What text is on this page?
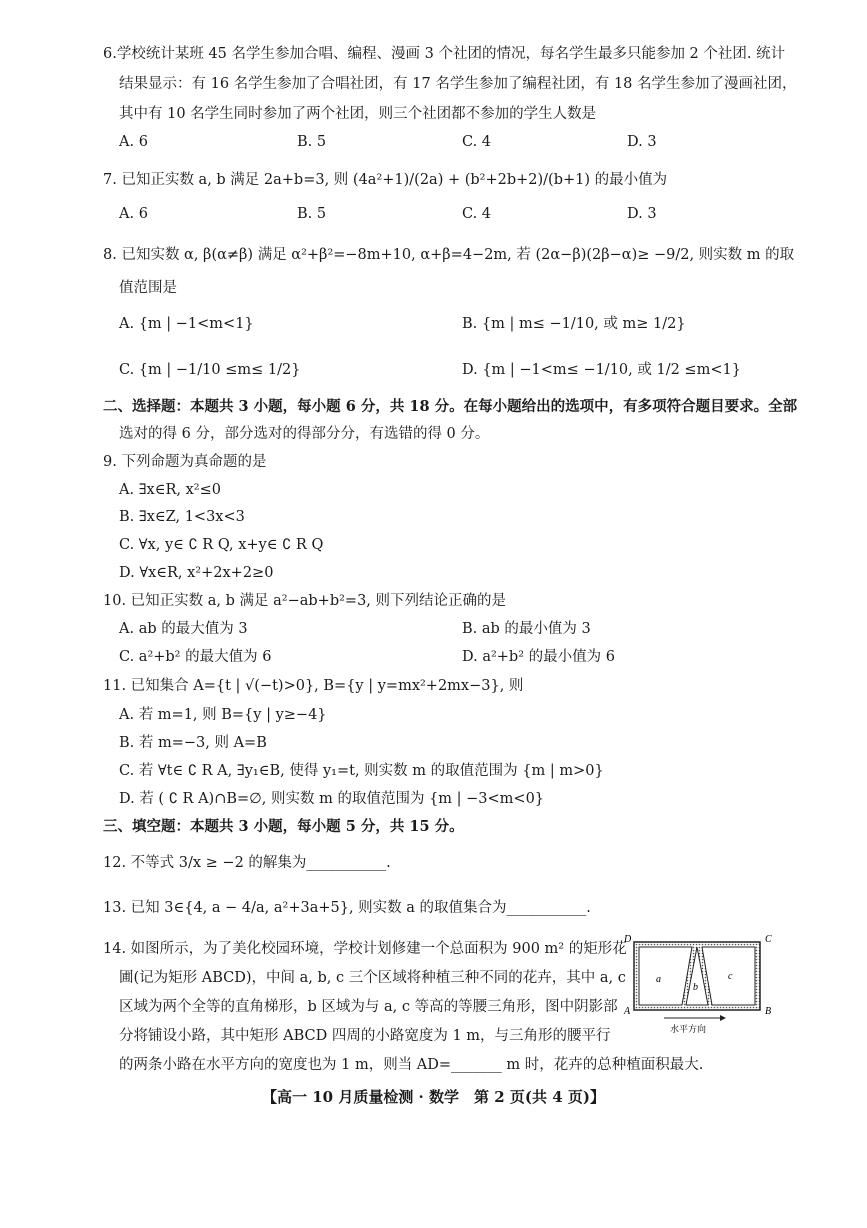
6.学校统计某班 45 名学生参加合唱、编程、漫画 3 个社团的情况，每名学生最多只能参加 2 个社团. 统计
结果显示：有 16 名学生参加了合唱社团，有 17 名学生参加了编程社团，有 18 名学生参加了漫画社团，
其中有 10 名学生同时参加了两个社团，则三个社团都不参加的学生人数是
A. 6	B. 5	C. 4	D. 3
7. 已知正实数 a, b 满足 2a+b=3, 则 (4a²+1)/(2a) + (b²+2b+2)/(b+1) 的最小值为
A. 6	B. 5	C. 4	D. 3
8. 已知实数 α, β(α≠β) 满足 α²+β²=−8m+10, α+β=4−2m, 若 (2α−β)(2β−α)≥ −9/2, 则实数 m 的取
值范围是
A. {m | −1<m<1}	B. {m | m≤ −1/10, 或 m≥ 1/2}
C. {m | −1/10 ≤m≤ 1/2}	D. {m | −1<m≤ −1/10, 或 1/2 ≤m<1}
二、选择题：本题共 3 小题，每小题 6 分，共 18 分。在每小题给出的选项中，有多项符合题目要求。全部
选对的得 6 分，部分选对的得部分分，有选错的得 0 分。
9. 下列命题为真命题的是
A. ∃x∈R, x²≤0
B. ∃x∈Z, 1<3x<3
C. ∀x, y∈ ∁ R Q, x+y∈ ∁ R Q
D. ∀x∈R, x²+2x+2≥0
10. 已知正实数 a, b 满足 a²−ab+b²=3, 则下列结论正确的是
A. ab 的最大值为 3	B. ab 的最小值为 3
C. a²+b² 的最大值为 6	D. a²+b² 的最小值为 6
11. 已知集合 A={t | √(−t)>0}, B={y | y=mx²+2mx−3}, 则
A. 若 m=1, 则 B={y | y≥−4}
B. 若 m=−3, 则 A=B
C. 若 ∀t∈ ∁ R A, ∃y₁∈B, 使得 y₁=t, 则实数 m 的取值范围为 {m | m>0}
D. 若 ( ∁ R A)∩B=∅, 则实数 m 的取值范围为 {m | −3<m<0}
三、填空题：本题共 3 小题，每小题 5 分，共 15 分。
12. 不等式 3/x ≥ −2 的解集为___________.
13. 已知 3∈{4, a − 4/a, a²+3a+5}, 则实数 a 的取值集合为___________.
14. 如图所示，为了美化校园环境，学校计划修建一个总面积为 900 m² 的矩形花
圃(记为矩形 ABCD)，中间 a, b, c 三个区域将种植三种不同的花卉，其中 a, c
区域为两个全等的直角梯形，b 区域为与 a, c 等高的等腰三角形，图中阴影部
分将铺设小路，其中矩形 ABCD 四周的小路宽度为 1 m，与三角形的腰平行
的两条小路在水平方向的宽度也为 1 m，则当 AD=_______ m 时，花卉的总种植面积最大.
D	C
A	B
a
b
c
水平方向
【高一 10 月质量检测 · 数学　第 2 页(共 4 页)】
